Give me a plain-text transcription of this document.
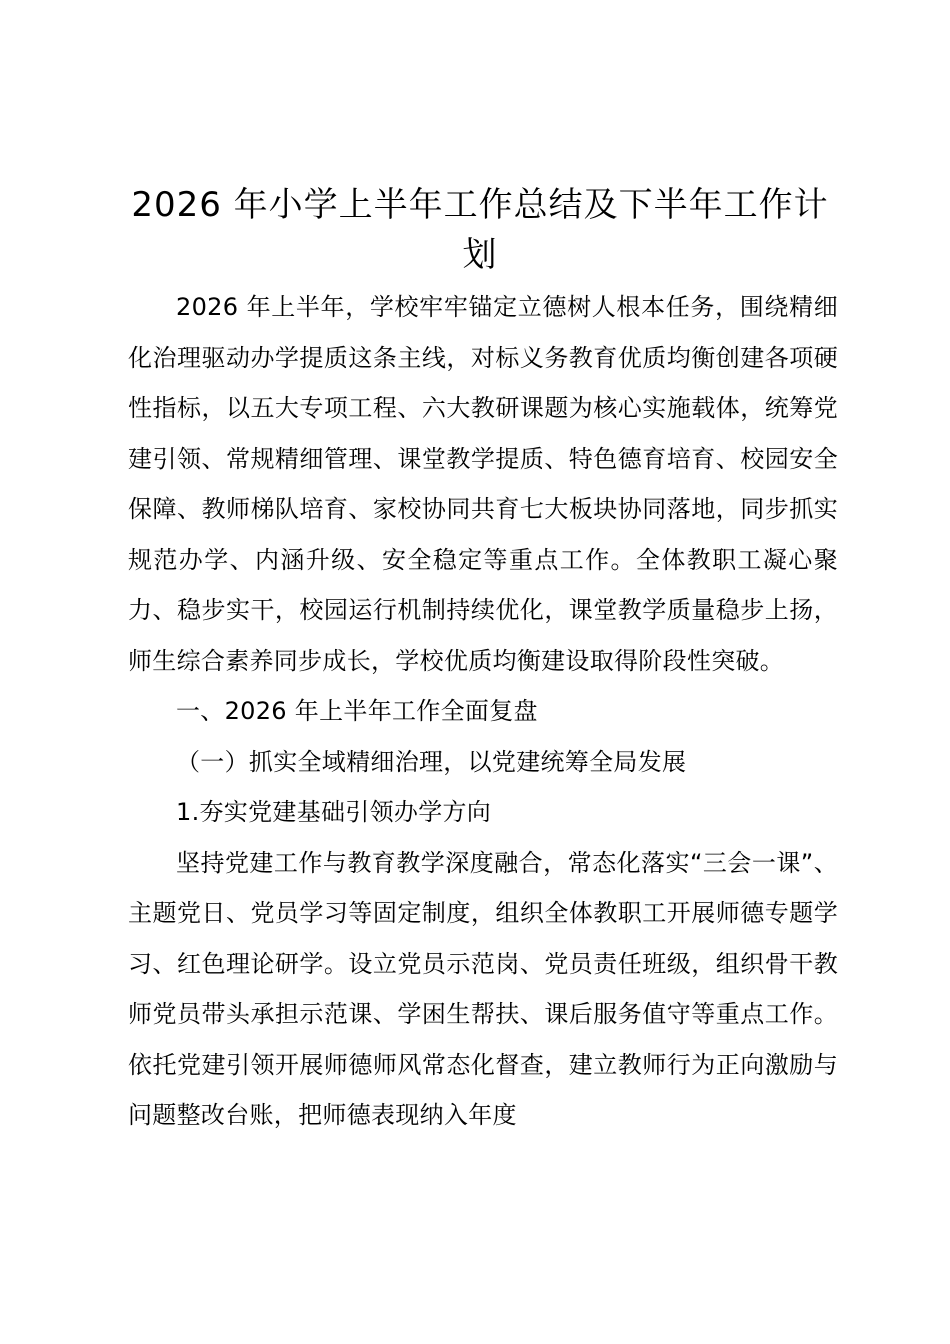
2026 年小学上半年工作总结及下半年工作计划

2026 年上半年，学校牢牢锚定立德树人根本任务，围绕精细化治理驱动办学提质这条主线，对标义务教育优质均衡创建各项硬性指标，以五大专项工程、六大教研课题为核心实施载体，统筹党建引领、常规精细管理、课堂教学提质、特色德育培育、校园安全保障、教师梯队培育、家校协同共育七大板块协同落地，同步抓实规范办学、内涵升级、安全稳定等重点工作。全体教职工凝心聚力、稳步实干，校园运行机制持续优化，课堂教学质量稳步上扬，师生综合素养同步成长，学校优质均衡建设取得阶段性突破。

一、2026 年上半年工作全面复盘

（一）抓实全域精细治理，以党建统筹全局发展

1.夯实党建基础引领办学方向

坚持党建工作与教育教学深度融合，常态化落实“三会一课”、主题党日、党员学习等固定制度，组织全体教职工开展师德专题学习、红色理论研学。设立党员示范岗、党员责任班级，组织骨干教师党员带头承担示范课、学困生帮扶、课后服务值守等重点工作。依托党建引领开展师德师风常态化督查，建立教师行为正向激励与问题整改台账，把师德表现纳入年度
